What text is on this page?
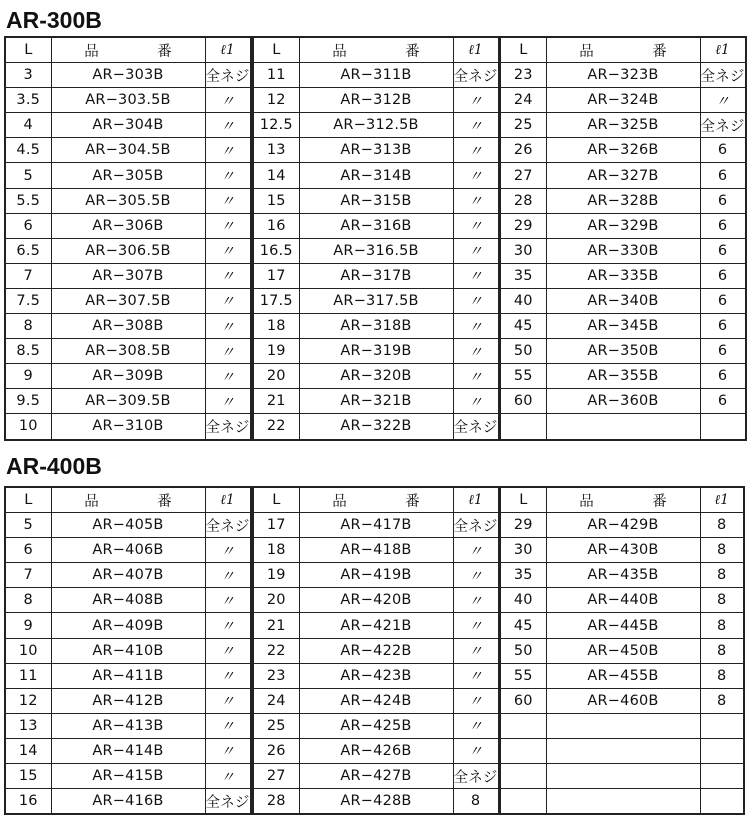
AR-300B
L	品　番	ℓ1
3	AR−303B	全ネジ
3.5	AR−303.5B	〃
4	AR−304B	〃
4.5	AR−304.5B	〃
5	AR−305B	〃
5.5	AR−305.5B	〃
6	AR−306B	〃
6.5	AR−306.5B	〃
7	AR−307B	〃
7.5	AR−307.5B	〃
8	AR−308B	〃
8.5	AR−308.5B	〃
9	AR−309B	〃
9.5	AR−309.5B	〃
10	AR−310B	全ネジ
L	品　番	ℓ1
11	AR−311B	全ネジ
12	AR−312B	〃
12.5	AR−312.5B	〃
13	AR−313B	〃
14	AR−314B	〃
15	AR−315B	〃
16	AR−316B	〃
16.5	AR−316.5B	〃
17	AR−317B	〃
17.5	AR−317.5B	〃
18	AR−318B	〃
19	AR−319B	〃
20	AR−320B	〃
21	AR−321B	〃
22	AR−322B	全ネジ
L	品　番	ℓ1
23	AR−323B	全ネジ
24	AR−324B	〃
25	AR−325B	全ネジ
26	AR−326B	6
27	AR−327B	6
28	AR−328B	6
29	AR−329B	6
30	AR−330B	6
35	AR−335B	6
40	AR−340B	6
45	AR−345B	6
50	AR−350B	6
55	AR−355B	6
60	AR−360B	6

AR-400B
L	品　番	ℓ1
5	AR−405B	全ネジ
6	AR−406B	〃
7	AR−407B	〃
8	AR−408B	〃
9	AR−409B	〃
10	AR−410B	〃
11	AR−411B	〃
12	AR−412B	〃
13	AR−413B	〃
14	AR−414B	〃
15	AR−415B	〃
16	AR−416B	全ネジ
L	品　番	ℓ1
17	AR−417B	全ネジ
18	AR−418B	〃
19	AR−419B	〃
20	AR−420B	〃
21	AR−421B	〃
22	AR−422B	〃
23	AR−423B	〃
24	AR−424B	〃
25	AR−425B	〃
26	AR−426B	〃
27	AR−427B	全ネジ
28	AR−428B	8
L	品　番	ℓ1
29	AR−429B	8
30	AR−430B	8
35	AR−435B	8
40	AR−440B	8
45	AR−445B	8
50	AR−450B	8
55	AR−455B	8
60	AR−460B	8
